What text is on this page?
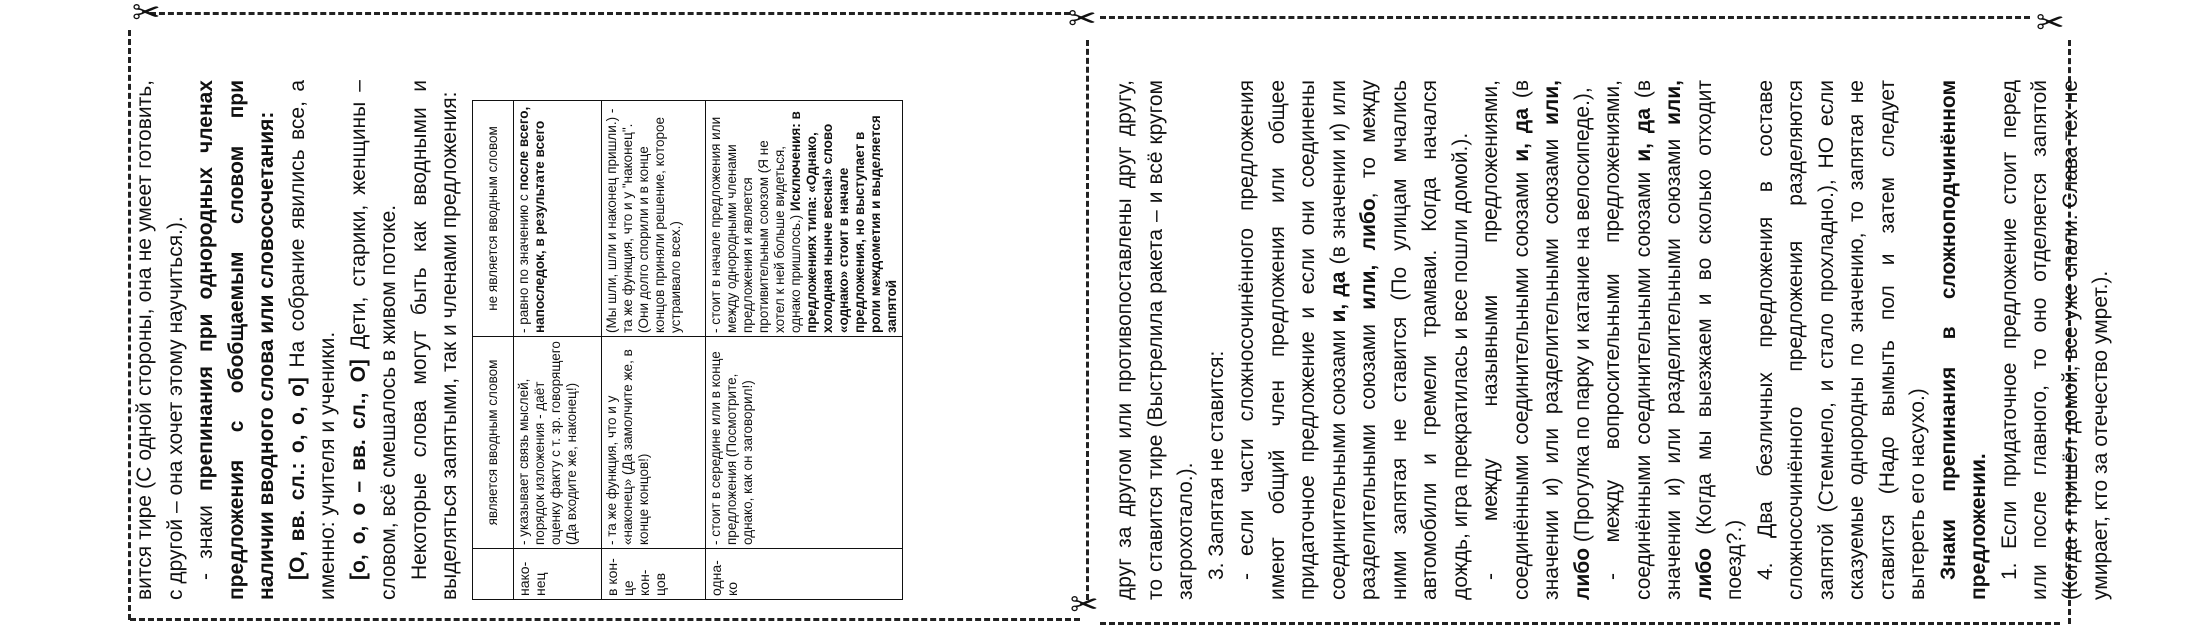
✂	✂
✂
✂

вится тире (С одной стороны, она не умеет готовить, с другой – она хочет этому научиться.). - знаки препинания при однородных членах предложения с обобщаемым словом при наличии вводного слова или словосочетания: [О, вв. сл.: о, о, о] На собрание явились все, а именно: учителя и ученики. [о, о, о – вв. сл., О] Дети, старики, женщины – словом, всё смешалось в живом потоке. Некоторые слова могут быть как вводными и выделяться запятыми, так и членами предложения:

		является вводным словом	не является вводным словом
нако-нец	- указывает связь мыслей, порядок изложения - даёт оценку факту с т. зр. говорящего (Да входите же, наконец!)	- равно по значению с после всего, напоследок, в результате всего
в кон-це кон-цов	- та же функция, что и у «наконец» (Да замолчите же, в конце концов!)	(Мы шли, шли и наконец пришли.) - та же функция, что и у "наконец". (Они долго спорили и в конце концов приняли решение, которое устраивало всех.)
одна-ко	- стоит в середине или в конце предложения (Посмотрите, однако, как он заговорил!)	- стоит в начале предложения или между однородными членами предложения и является противительным союзом (Я не хотел к ней больше видеться, однако пришлось.) Исключения: в предложениях типа: «Однако, холодная нынче весна!» слово «однако» стоит в начале предложения, но выступает в роли междометия и выделяется запятой	друг за другом или противопоставлены друг другу, то ставится тире (Выстрелила ракета – и всё кругом загрохотало.). 3. Запятая не ставится: - если части сложносочинённого предложения имеют общий член предложения или общее придаточное предложение и если они соединены соединительными союзами и, да (в значении и) или разделительными союзами или, либо, то между ними запятая не ставится (По улицам мчались автомобили и гремели трамваи. Когда начался дождь, игра прекратилась и все пошли домой.). - между назывными предложениями, соединёнными соединительными союзами и, да (в значении и) или разделительными союзами или, либо (Прогулка по парку и катание на велосипеде.), - между вопросительными предложениями, соединёнными соединительными союзами и, да (в значении и) или разделительными союзами или, либо (Когда мы выезжаем и во сколько отходит поезд?.) 4. Два безличных предложения в составе сложносочинённого предложения разделяются запятой (Стемнело, и стало прохладно.), НО если сказуемые однородны по значению, то запятая не ставится (Надо вымыть пол и затем следует вытереть его насухо.) Знаки препинания в сложноподчинённом предложении. 1. Если придаточное предложение стоит перед или после главного, то оно отделяется запятой (Когда я пришёл домой, все уже спали. Слава тех не умирает, кто за отечество умрет.).
